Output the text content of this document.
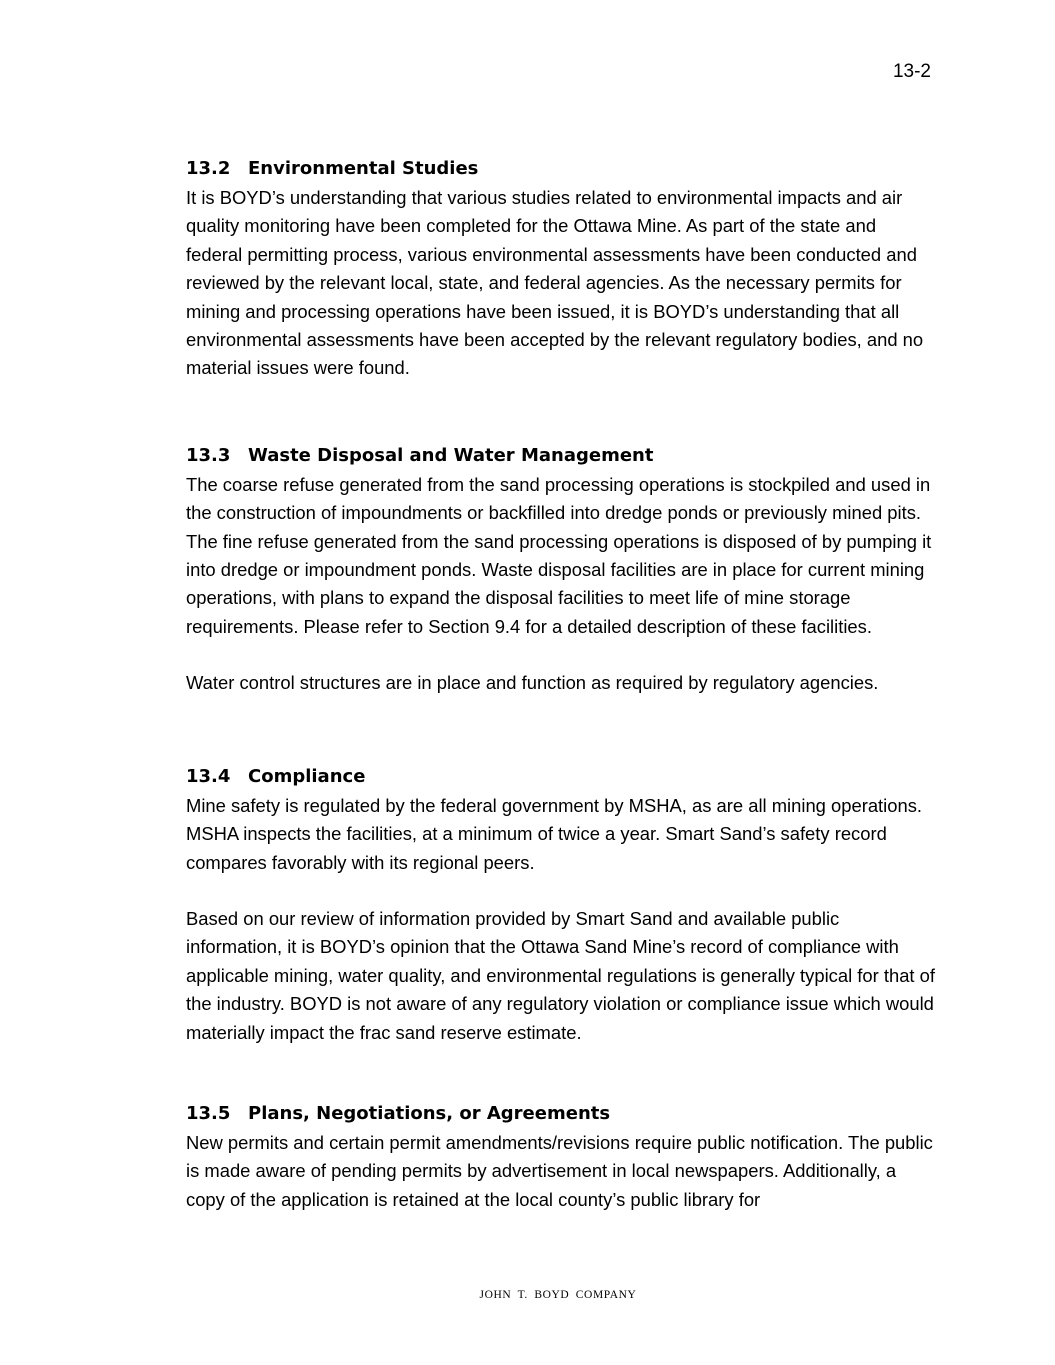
13-2
13.2 Environmental Studies

It is BOYD’s understanding that various studies related to environmental impacts and air quality monitoring have been completed for the Ottawa Mine. As part of the state and federal permitting process, various environmental assessments have been conducted and reviewed by the relevant local, state, and federal agencies. As the necessary permits for mining and processing operations have been issued, it is BOYD’s understanding that all environmental assessments have been accepted by the relevant regulatory bodies, and no material issues were found.

13.3 Waste Disposal and Water Management

The coarse refuse generated from the sand processing operations is stockpiled and used in the construction of impoundments or backfilled into dredge ponds or previously mined pits. The fine refuse generated from the sand processing operations is disposed of by pumping it into dredge or impoundment ponds. Waste disposal facilities are in place for current mining operations, with plans to expand the disposal facilities to meet life of mine storage requirements. Please refer to Section 9.4 for a detailed description of these facilities.

Water control structures are in place and function as required by regulatory agencies.

13.4 Compliance

Mine safety is regulated by the federal government by MSHA, as are all mining operations. MSHA inspects the facilities, at a minimum of twice a year. Smart Sand’s safety record compares favorably with its regional peers.

Based on our review of information provided by Smart Sand and available public information, it is BOYD’s opinion that the Ottawa Sand Mine’s record of compliance with applicable mining, water quality, and environmental regulations is generally typical for that of the industry. BOYD is not aware of any regulatory violation or compliance issue which would materially impact the frac sand reserve estimate.

13.5 Plans, Negotiations, or Agreements

New permits and certain permit amendments/revisions require public notification. The public is made aware of pending permits by advertisement in local newspapers. Additionally, a copy of the application is retained at the local county’s public library for

JOHN T. BOYD COMPANY
